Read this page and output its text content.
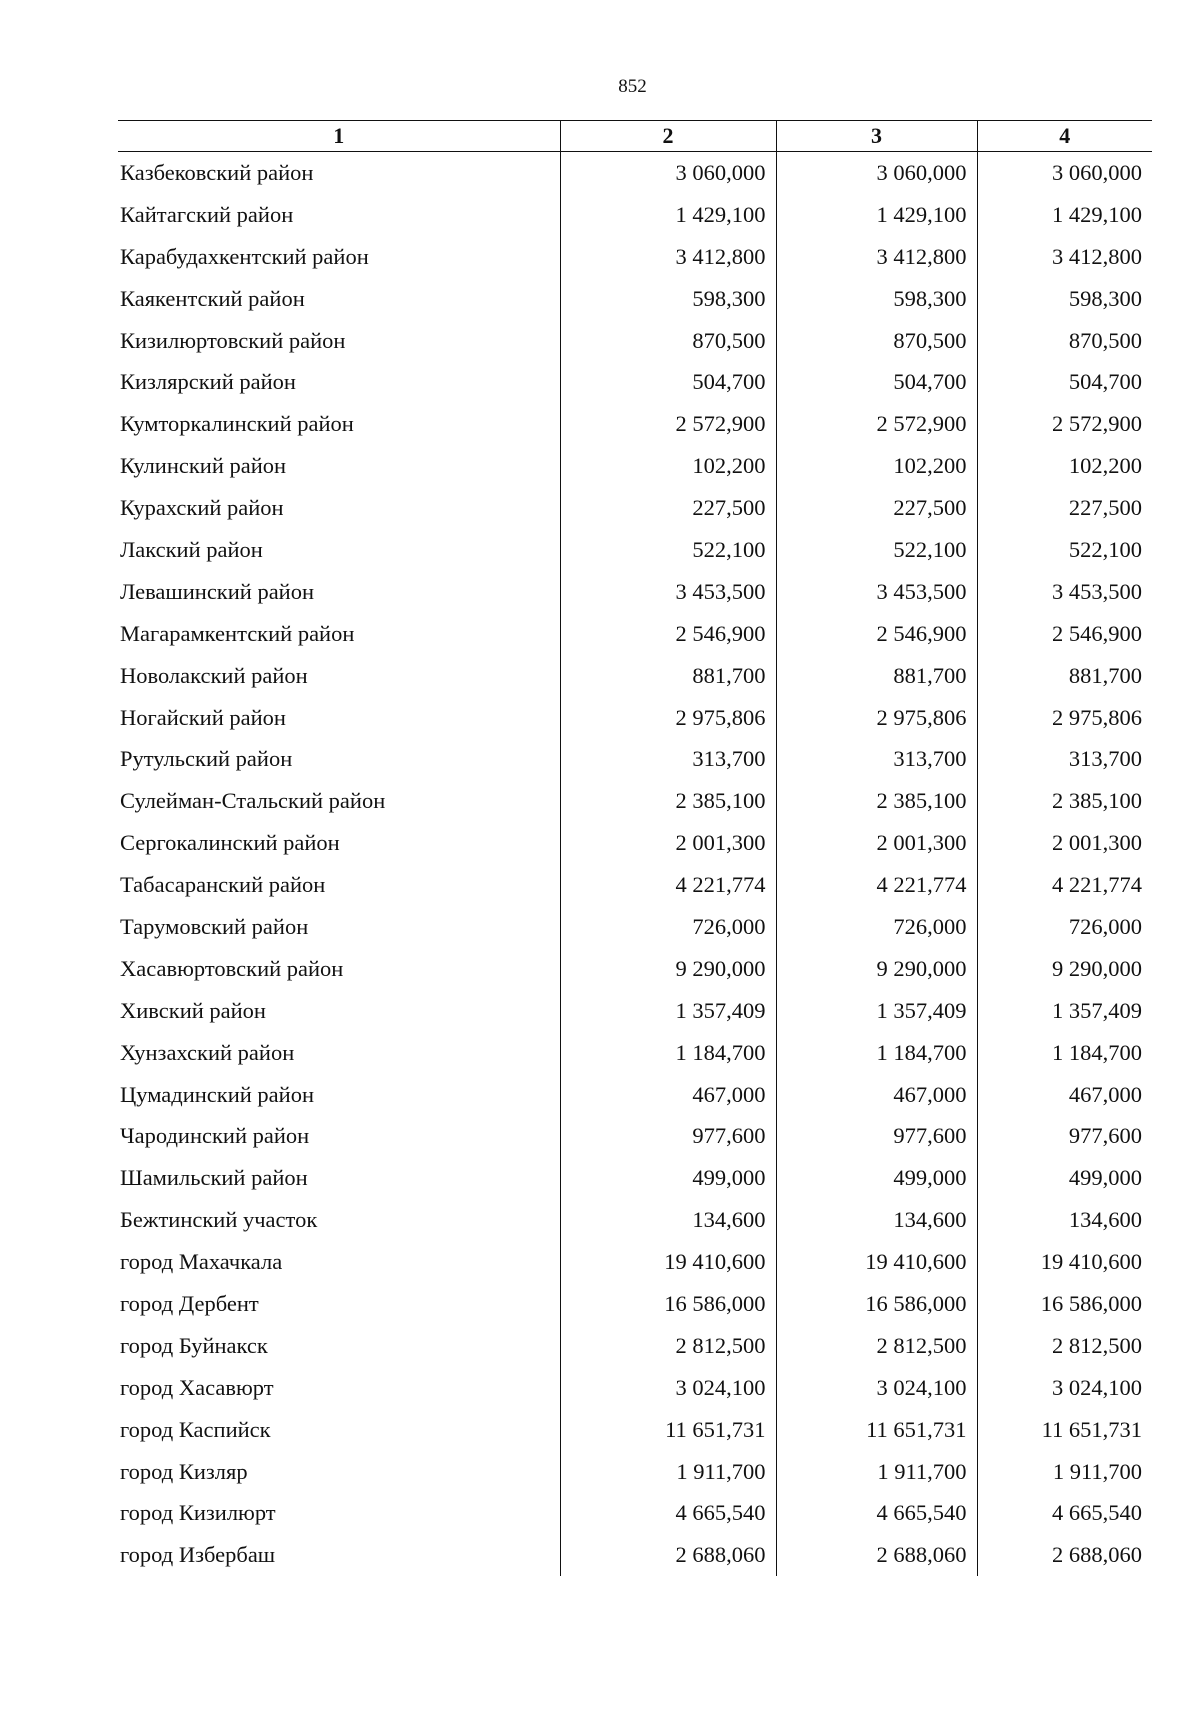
852
1	2	3	4
Казбековский район	3 060,000	3 060,000	3 060,000
Кайтагский район	1 429,100	1 429,100	1 429,100
Карабудахкентский район	3 412,800	3 412,800	3 412,800
Каякентский район	598,300	598,300	598,300
Кизилюртовский район	870,500	870,500	870,500
Кизлярский район	504,700	504,700	504,700
Кумторкалинский район	2 572,900	2 572,900	2 572,900
Кулинский район	102,200	102,200	102,200
Курахский район	227,500	227,500	227,500
Лакский район	522,100	522,100	522,100
Левашинский район	3 453,500	3 453,500	3 453,500
Магарамкентский район	2 546,900	2 546,900	2 546,900
Новолакский район	881,700	881,700	881,700
Ногайский район	2 975,806	2 975,806	2 975,806
Рутульский район	313,700	313,700	313,700
Сулейман-Стальский район	2 385,100	2 385,100	2 385,100
Сергокалинский район	2 001,300	2 001,300	2 001,300
Табасаранский район	4 221,774	4 221,774	4 221,774
Тарумовский район	726,000	726,000	726,000
Хасавюртовский район	9 290,000	9 290,000	9 290,000
Хивский район	1 357,409	1 357,409	1 357,409
Хунзахский район	1 184,700	1 184,700	1 184,700
Цумадинский район	467,000	467,000	467,000
Чародинский район	977,600	977,600	977,600
Шамильский район	499,000	499,000	499,000
Бежтинский участок	134,600	134,600	134,600
город Махачкала	19 410,600	19 410,600	19 410,600
город Дербент	16 586,000	16 586,000	16 586,000
город Буйнакск	2 812,500	2 812,500	2 812,500
город Хасавюрт	3 024,100	3 024,100	3 024,100
город Каспийск	11 651,731	11 651,731	11 651,731
город Кизляр	1 911,700	1 911,700	1 911,700
город Кизилюрт	4 665,540	4 665,540	4 665,540
город Избербаш	2 688,060	2 688,060	2 688,060
